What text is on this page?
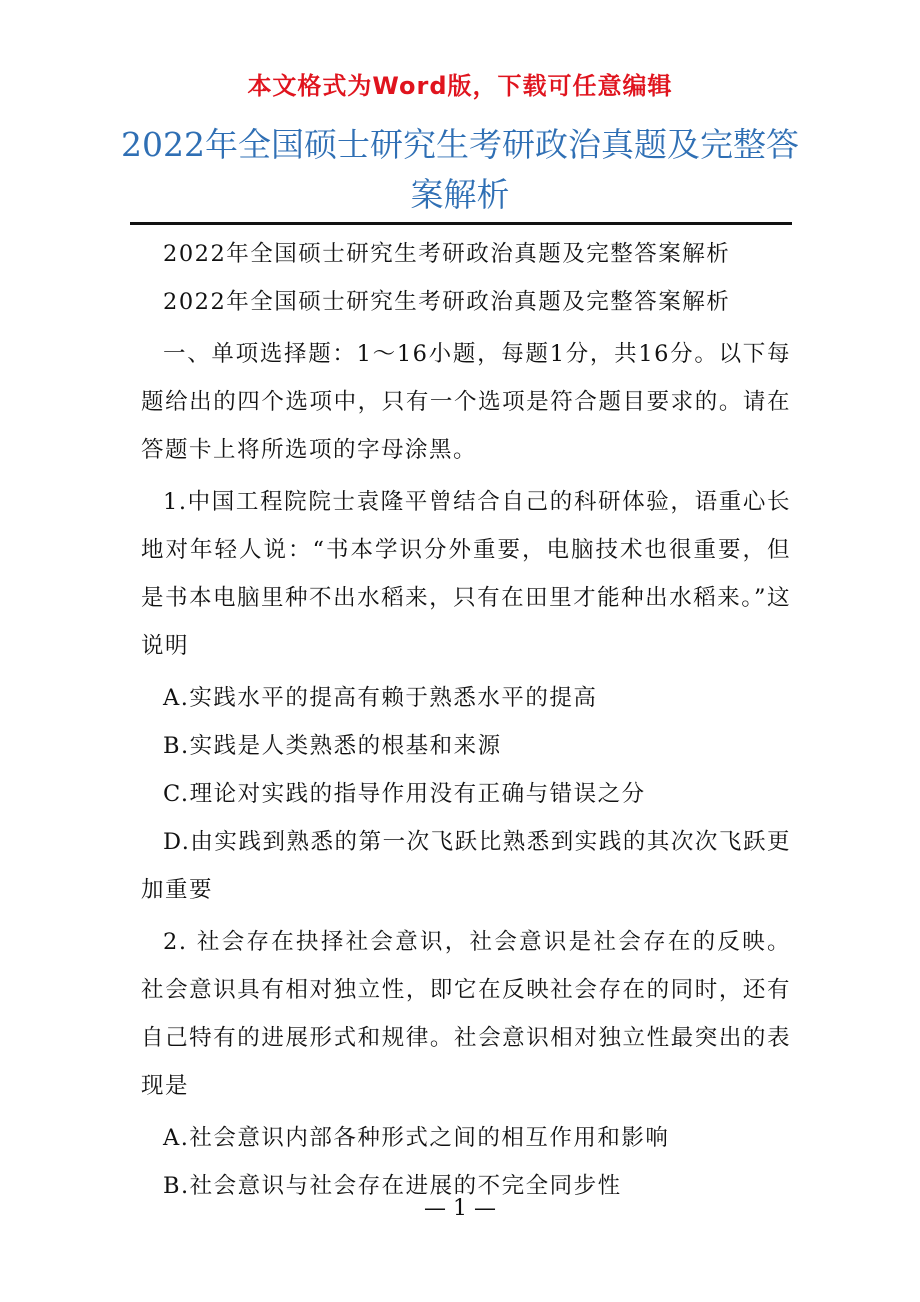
本文格式为Word版，下载可任意编辑
2022年全国硕士研究生考研政治真题及完整答案解析

2022年全国硕士研究生考研政治真题及完整答案解析

2022年全国硕士研究生考研政治真题及完整答案解析

一、单项选择题：1～16小题，每题1分，共16分。以下每题给出的四个选项中，只有一个选项是符合题目要求的。请在答题卡上将所选项的字母涂黑。

1.中国工程院院士袁隆平曾结合自己的科研体验，语重心长地对年轻人说：“书本学识分外重要，电脑技术也很重要，但是书本电脑里种不出水稻来，只有在田里才能种出水稻来。”这说明

A.实践水平的提高有赖于熟悉水平的提高

B.实践是人类熟悉的根基和来源

C.理论对实践的指导作用没有正确与错误之分

D.由实践到熟悉的第一次飞跃比熟悉到实践的其次次飞跃更加重要

2. 社会存在抉择社会意识，社会意识是社会存在的反映。社会意识具有相对独立性，即它在反映社会存在的同时，还有自己特有的进展形式和规律。社会意识相对独立性最突出的表现是

A.社会意识内部各种形式之间的相互作用和影响

B.社会意识与社会存在进展的不完全同步性

— 1 —
